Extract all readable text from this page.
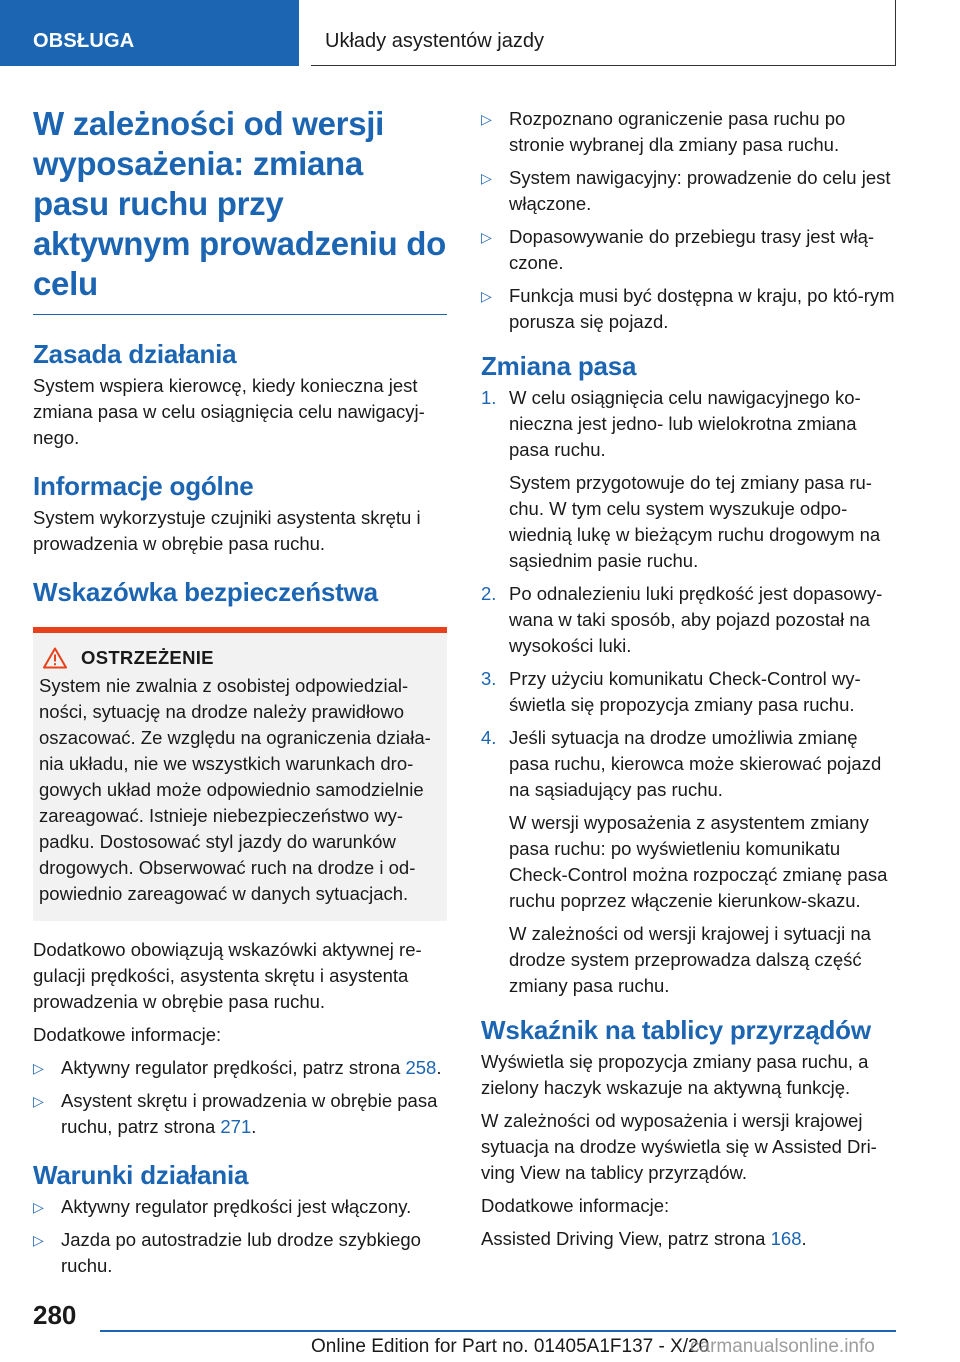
OBSŁUGA	Układy asystentów jazdy
W zależności od wersji wyposażenia: zmiana pasu ruchu przy aktywnym prowadzeniu do celu
Zasada działania

System wspiera kierowcę, kiedy konieczna jest zmiana pasa w celu osiągnięcia celu nawigacyj-nego.

Informacje ogólne

System wykorzystuje czujniki asystenta skrętu i prowadzenia w obrębie pasa ruchu.

Wskazówka bezpieczeństwa
OSTRZEŻENIE

System nie zwalnia z osobistej odpowiedzial-ności, sytuację na drodze należy prawidłowo oszacować. Ze względu na ograniczenia działa-nia układu, nie we wszystkich warunkach dro-gowych układ może odpowiednio samodzielnie zareagować. Istnieje niebezpieczeństwo wy-padku. Dostosować styl jazdy do warunków drogowych. Obserwować ruch na drodze i od-powiednio zareagować w danych sytuacjach.

Dodatkowo obowiązują wskazówki aktywnej re-gulacji prędkości, asystenta skrętu i asystenta prowadzenia w obrębie pasa ruchu.

Dodatkowe informacje:

▷ Aktywny regulator prędkości, patrz strona 258.
▷ Asystent skrętu i prowadzenia w obrębie pasa ruchu, patrz strona 271.
Warunki działania
▷ Aktywny regulator prędkości jest włączony.
▷ Jazda po autostradzie lub drodze szybkiego ruchu.
▷ Rozpoznano ograniczenie pasa ruchu po stronie wybranej dla zmiany pasa ruchu.
▷ System nawigacyjny: prowadzenie do celu jest włączone.
▷ Dopasowywanie do przebiegu trasy jest włą-czone.
▷ Funkcja musi być dostępna w kraju, po któ-rym porusza się pojazd.
Zmiana pasa
1. W celu osiągnięcia celu nawigacyjnego ko-nieczna jest jedno- lub wielokrotna zmiana pasa ruchu.

System przygotowuje do tej zmiany pasa ru-chu. W tym celu system wyszukuje odpo-wiednią lukę w bieżącym ruchu drogowym na sąsiednim pasie ruchu.

2. Po odnalezieniu luki prędkość jest dopasowy-wana w taki sposób, aby pojazd pozostał na wysokości luki.
3. Przy użyciu komunikatu Check-Control wy-świetla się propozycja zmiany pasa ruchu.
4. Jeśli sytuacja na drodze umożliwia zmianę pasa ruchu, kierowca może skierować pojazd na sąsiadujący pas ruchu.

W wersji wyposażenia z asystentem zmiany pasa ruchu: po wyświetleniu komunikatu Check-Control można rozpocząć zmianę pasa ruchu poprzez włączenie kierunkow-skazu.

W zależności od wersji krajowej i sytuacji na drodze system przeprowadza dalszą część zmiany pasa ruchu.

Wskaźnik na tablicy przyrządów

Wyświetla się propozycja zmiany pasa ruchu, a zielony haczyk wskazuje na aktywną funkcję.

W zależności od wyposażenia i wersji krajowej sytuacja na drodze wyświetla się w Assisted Dri-ving View na tablicy przyrządów.

Dodatkowe informacje:

Assisted Driving View, patrz strona 168.

280
Online Edition for Part no. 01405A1F137 - X/20
carmanualsonline.info
